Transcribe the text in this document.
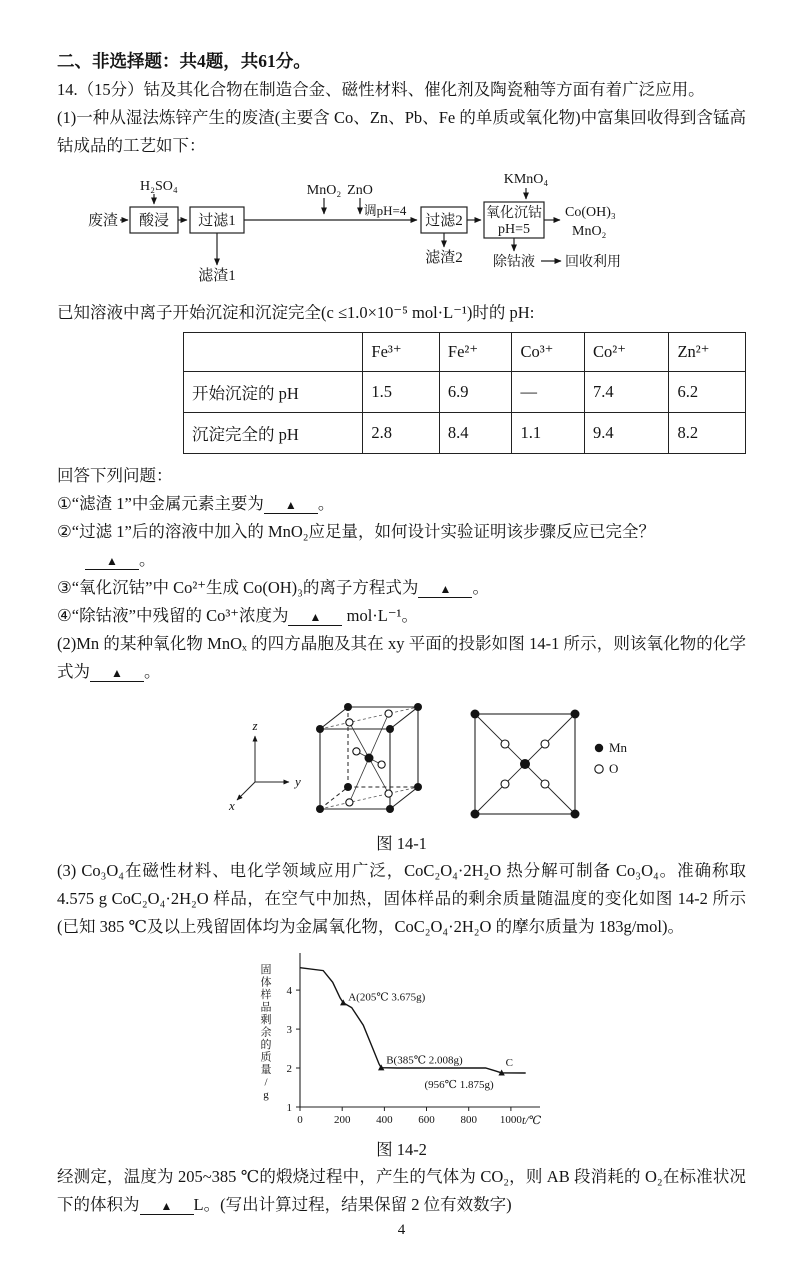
二、非选择题：共4题，共61分。

14.（15分）钴及其化合物在制造合金、磁性材料、催化剂及陶瓷釉等方面有着广泛应用。

(1)一种从湿法炼锌产生的废渣(主要含 Co、Zn、Pb、Fe 的单质或氧化物)中富集回收得到含锰高钴成品的工艺如下：

废渣
H₂SO₄
酸浸 过滤1
滤渣1
MnO₂ ZnO
调pH=4
过滤2
滤渣2
KMnO₄
氧化沉钴
pH=5
Co(OH)₃
MnO₂
除钴液 回收利用

已知溶液中离子开始沉淀和沉淀完全(c ≤1.0×10⁻⁵ mol·L⁻¹)时的 pH:

	Fe³⁺	Fe²⁺	Co³⁺	Co²⁺	Zn²⁺
开始沉淀的 pH	1.5	6.9	—	7.4	6.2
沉淀完全的 pH	2.8	8.4	1.1	9.4	8.2

回答下列问题：

①“滤渣 1”中金属元素主要为 ▲ 。

②“过滤 1”后的溶液中加入的 MnO₂应足量，如何设计实验证明该步骤反应已完全？

▲ 。

③“氧化沉钴”中 Co²⁺生成 Co(OH)₃的离子方程式为 ▲ 。

④“除钴液”中残留的 Co³⁺浓度为 ▲ mol·L⁻¹。

(2)Mn 的某种氧化物 MnOₓ 的四方晶胞及其在 xy 平面的投影如图 14-1 所示，则该氧化物的化学式为 ▲ 。

z
y
x
Mn
O

图 14-1

(3) Co₃O₄在磁性材料、电化学领域应用广泛，CoC₂O₄·2H₂O 热分解可制备 Co₃O₄。准确称取 4.575 g CoC₂O₄·2H₂O 样品，在空气中加热，固体样品的剩余质量随温度的变化如图 14-2 所示(已知 385 ℃及以上残留固体均为金属氧化物，CoC₂O₄·2H₂O 的摩尔质量为 183g/mol)。

0	200 400 600 800 1000
1
2
3
4
A(205℃ 3.675g)
B(385℃ 2.008g)
(956℃ 1.875g)
C
固体样品剩余的质量/ g
t/℃

图 14-2

经测定，温度为 205~385 ℃的煅烧过程中，产生的气体为 CO₂，则 AB 段消耗的 O₂在标准状况下的体积为 ▲ L。(写出计算过程，结果保留 2 位有效数字)

4
